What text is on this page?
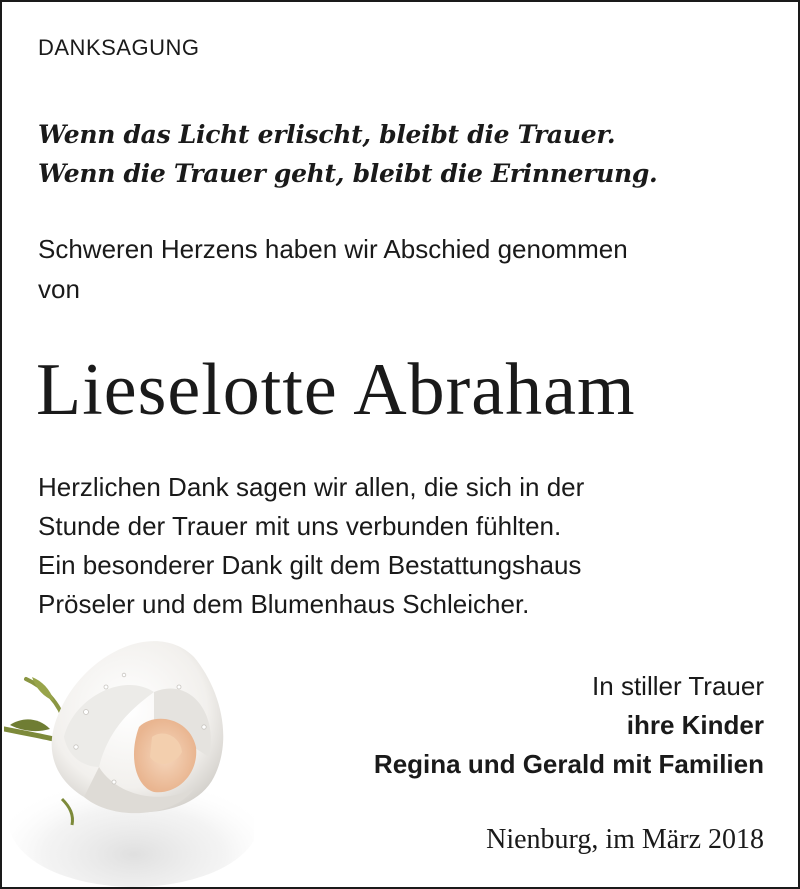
DANKSAGUNG
Wenn das Licht erlischt, bleibt die Trauer.
Wenn die Trauer geht, bleibt die Erinnerung.
Schweren Herzens haben wir Abschied genommen
von
Lieselotte Abraham
Herzlichen Dank sagen wir allen, die sich in der
Stunde der Trauer mit uns verbunden fühlten.
Ein besonderer Dank gilt dem Bestattungshaus
Pröseler und dem Blumenhaus Schleicher.
In stiller Trauer
ihre Kinder
Regina und Gerald mit Familien
Nienburg, im März 2018
